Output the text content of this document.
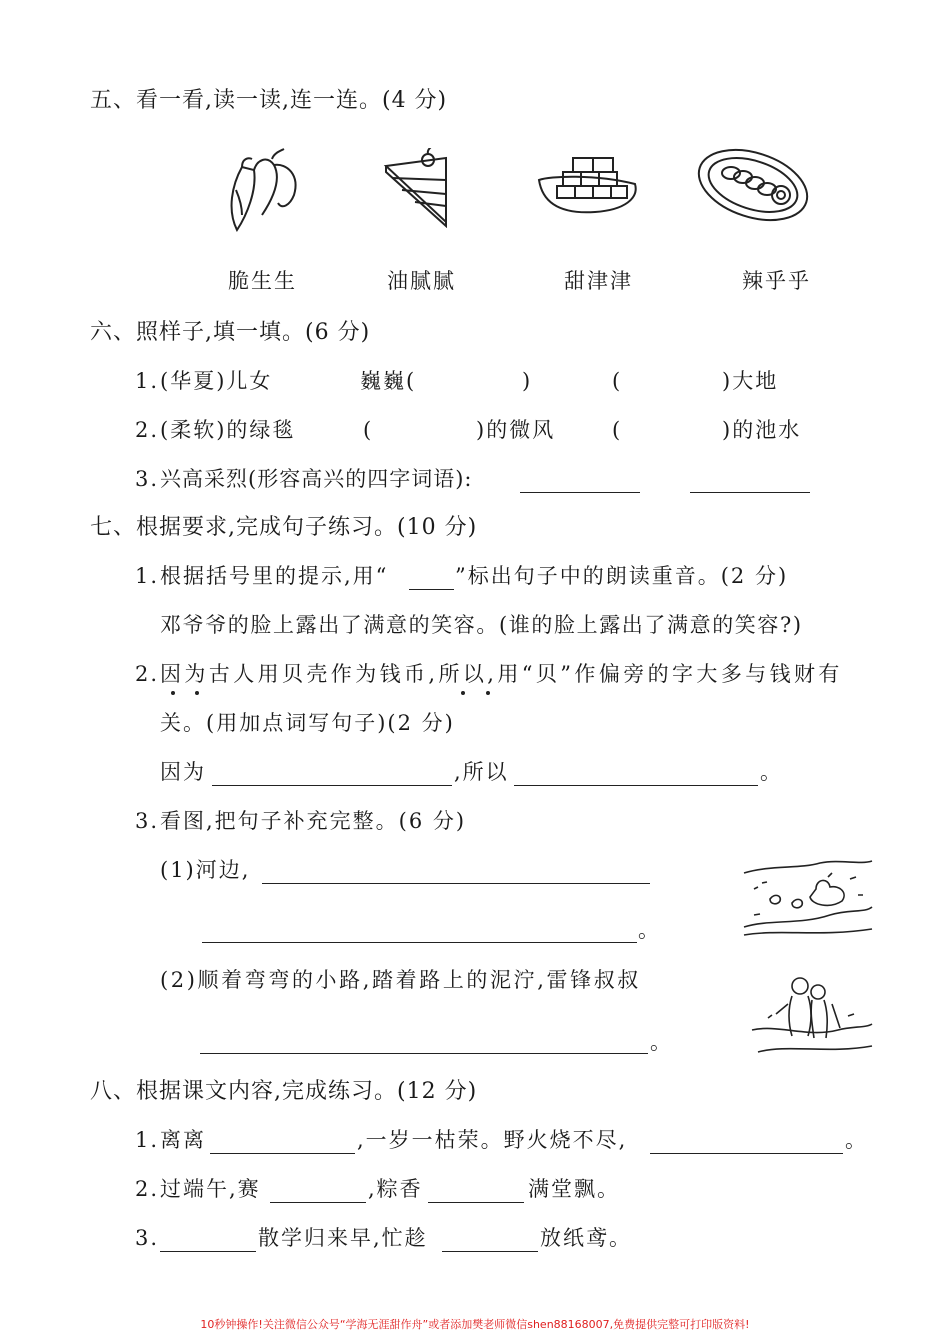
五、看一看,读一读,连一连。(4 分)
脆生生	油腻腻	甜津津	辣乎乎
六、照样子,填一填。(6 分)
1. (华夏)儿女	巍巍(	)	(	)大地
2. (柔软)的绿毯	(	)的微风	(	)的池水
3. 兴高采烈(形容高兴的四字词语):
七、根据要求,完成句子练习。(10 分)
1. 根据括号里的提示,用“	”标出句子中的朗读重音。(2 分)
邓爷爷的脸上露出了满意的笑容。(谁的脸上露出了满意的笑容?)
2. 因为古人用贝壳作为钱币,所以,用“贝”作偏旁的字大多与钱财有
关。(用加点词写句子)(2 分)
因为	,所以	。
3. 看图,把句子补充完整。(6 分)
(1)河边,
。
(2)顺着弯弯的小路,踏着路上的泥泞,雷锋叔叔
。
八、根据课文内容,完成练习。(12 分)
1. 离离	,一岁一枯荣。野火烧不尽,	。
2. 过端午,赛	,粽香	满堂飘。
3.	散学归来早,忙趁	放纸鸢。
10秒钟操作!关注微信公众号“学海无涯甜作舟”或者添加樊老师微信shen88168007,免费提供完整可打印版资料!
